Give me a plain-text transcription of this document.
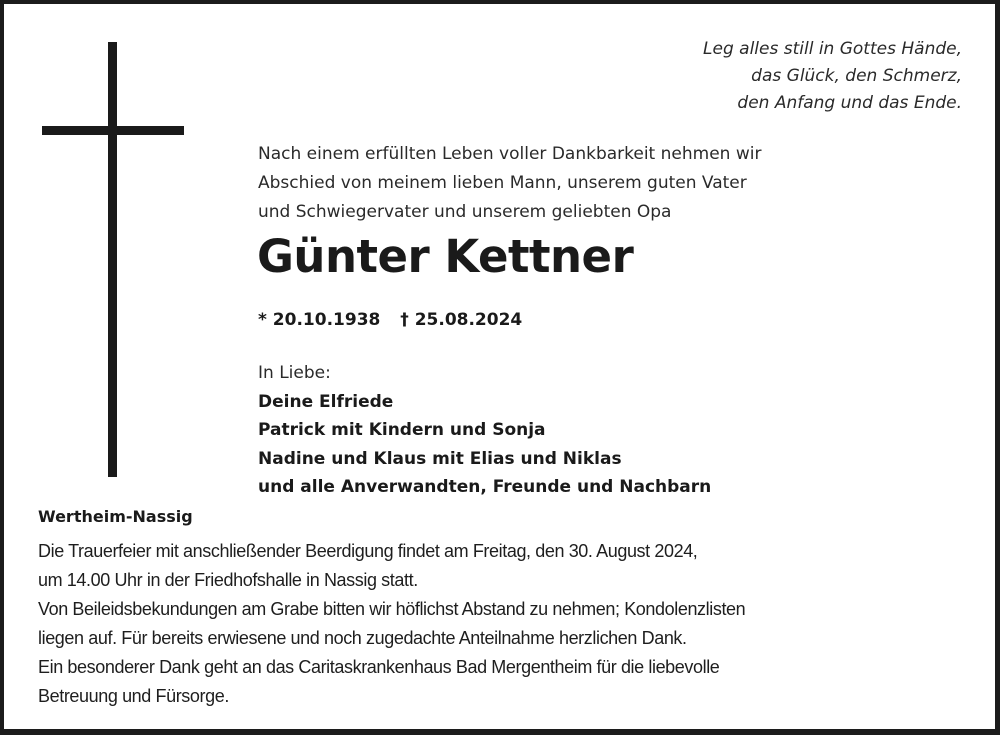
Leg alles still in Gottes Hände,
das Glück, den Schmerz,
den Anfang und das Ende.
Nach einem erfüllten Leben voller Dankbarkeit nehmen wir
Abschied von meinem lieben Mann, unserem guten Vater
und Schwiegervater und unserem geliebten Opa
Günter Kettner
* 20.10.1938 † 25.08.2024
In Liebe:
Deine Elfriede
Patrick mit Kindern und Sonja
Nadine und Klaus mit Elias und Niklas
und alle Anverwandten, Freunde und Nachbarn
Wertheim-Nassig
Die Trauerfeier mit anschließender Beerdigung findet am Freitag, den 30. August 2024,
um 14.00 Uhr in der Friedhofshalle in Nassig statt.
Von Beileidsbekundungen am Grabe bitten wir höflichst Abstand zu nehmen; Kondolenzlisten
liegen auf. Für bereits erwiesene und noch zugedachte Anteilnahme herzlichen Dank.
Ein besonderer Dank geht an das Caritaskrankenhaus Bad Mergentheim für die liebevolle
Betreuung und Fürsorge.
